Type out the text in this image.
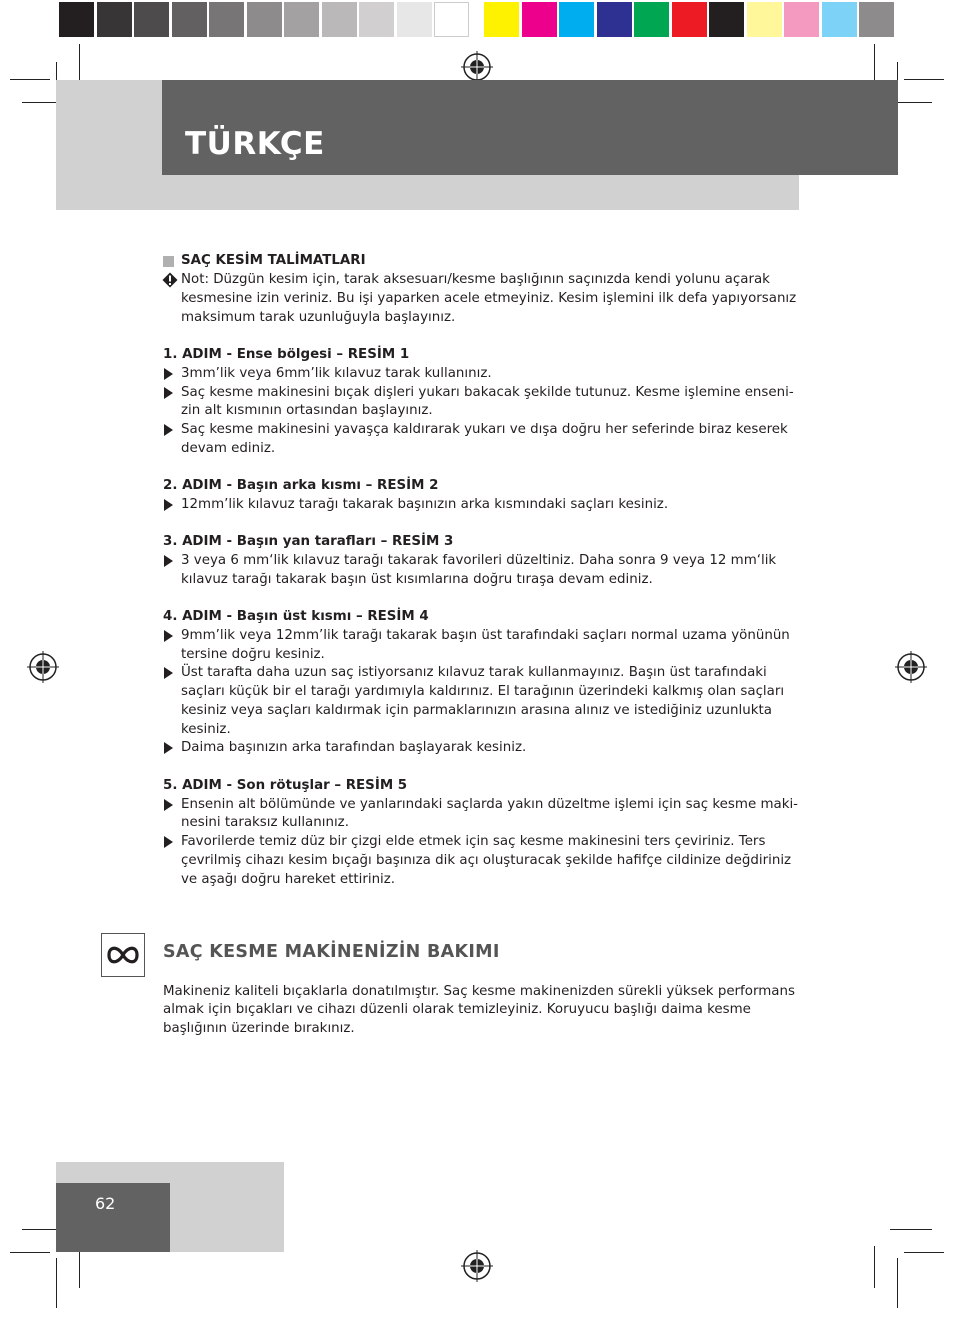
TÜRKÇE
SAÇ KESİM TALİMATLARI
Not: Düzgün kesim için, tarak aksesuarı/kesme başlığının saçınızda kendi yolunu açarak
kesmesine izin veriniz. Bu işi yaparken acele etmeyiniz. Kesim işlemini ilk defa yapıyorsanız
maksimum tarak uzunluğuyla başlayınız.
1. ADIM - Ense bölgesi – RESİM 1
3mm’lik veya 6mm’lik kılavuz tarak kullanınız.
Saç kesme makinesini bıçak dişleri yukarı bakacak şekilde tutunuz. Kesme işlemine enseni-
zin alt kısmının ortasından başlayınız.
Saç kesme makinesini yavaşça kaldırarak yukarı ve dışa doğru her seferinde biraz keserek
devam ediniz.
2. ADIM - Başın arka kısmı – RESİM 2
12mm’lik kılavuz tarağı takarak başınızın arka kısmındaki saçları kesiniz.
3. ADIM - Başın yan tarafları – RESİM 3
3 veya 6 mm‘lik kılavuz tarağı takarak favorileri düzeltiniz. Daha sonra 9 veya 12 mm‘lik
kılavuz tarağı takarak başın üst kısımlarına doğru tıraşa devam ediniz.
4. ADIM - Başın üst kısmı – RESİM 4
9mm’lik veya 12mm’lik tarağı takarak başın üst tarafındaki saçları normal uzama yönünün
tersine doğru kesiniz.
Üst tarafta daha uzun saç istiyorsanız kılavuz tarak kullanmayınız. Başın üst tarafındaki
saçları küçük bir el tarağı yardımıyla kaldırınız. El tarağının üzerindeki kalkmış olan saçları
kesiniz veya saçları kaldırmak için parmaklarınızın arasına alınız ve istediğiniz uzunlukta
kesiniz.
Daima başınızın arka tarafından başlayarak kesiniz.
5. ADIM - Son rötuşlar – RESİM 5
Ensenin alt bölümünde ve yanlarındaki saçlarda yakın düzeltme işlemi için saç kesme maki-
nesini taraksız kullanınız.
Favorilerde temiz düz bir çizgi elde etmek için saç kesme makinesini ters çeviriniz. Ters
çevrilmiş cihazı kesim bıçağı başınıza dik açı oluşturacak şekilde hafifçe cildinize değdiriniz
ve aşağı doğru hareket ettiriniz.
SAÇ KESME MAKİNENİZİN BAKIMI
Makineniz kaliteli bıçaklarla donatılmıştır. Saç kesme makinenizden sürekli yüksek performans
almak için bıçakları ve cihazı düzenli olarak temizleyiniz. Koruyucu başlığı daima kesme
başlığının üzerinde bırakınız.
62
